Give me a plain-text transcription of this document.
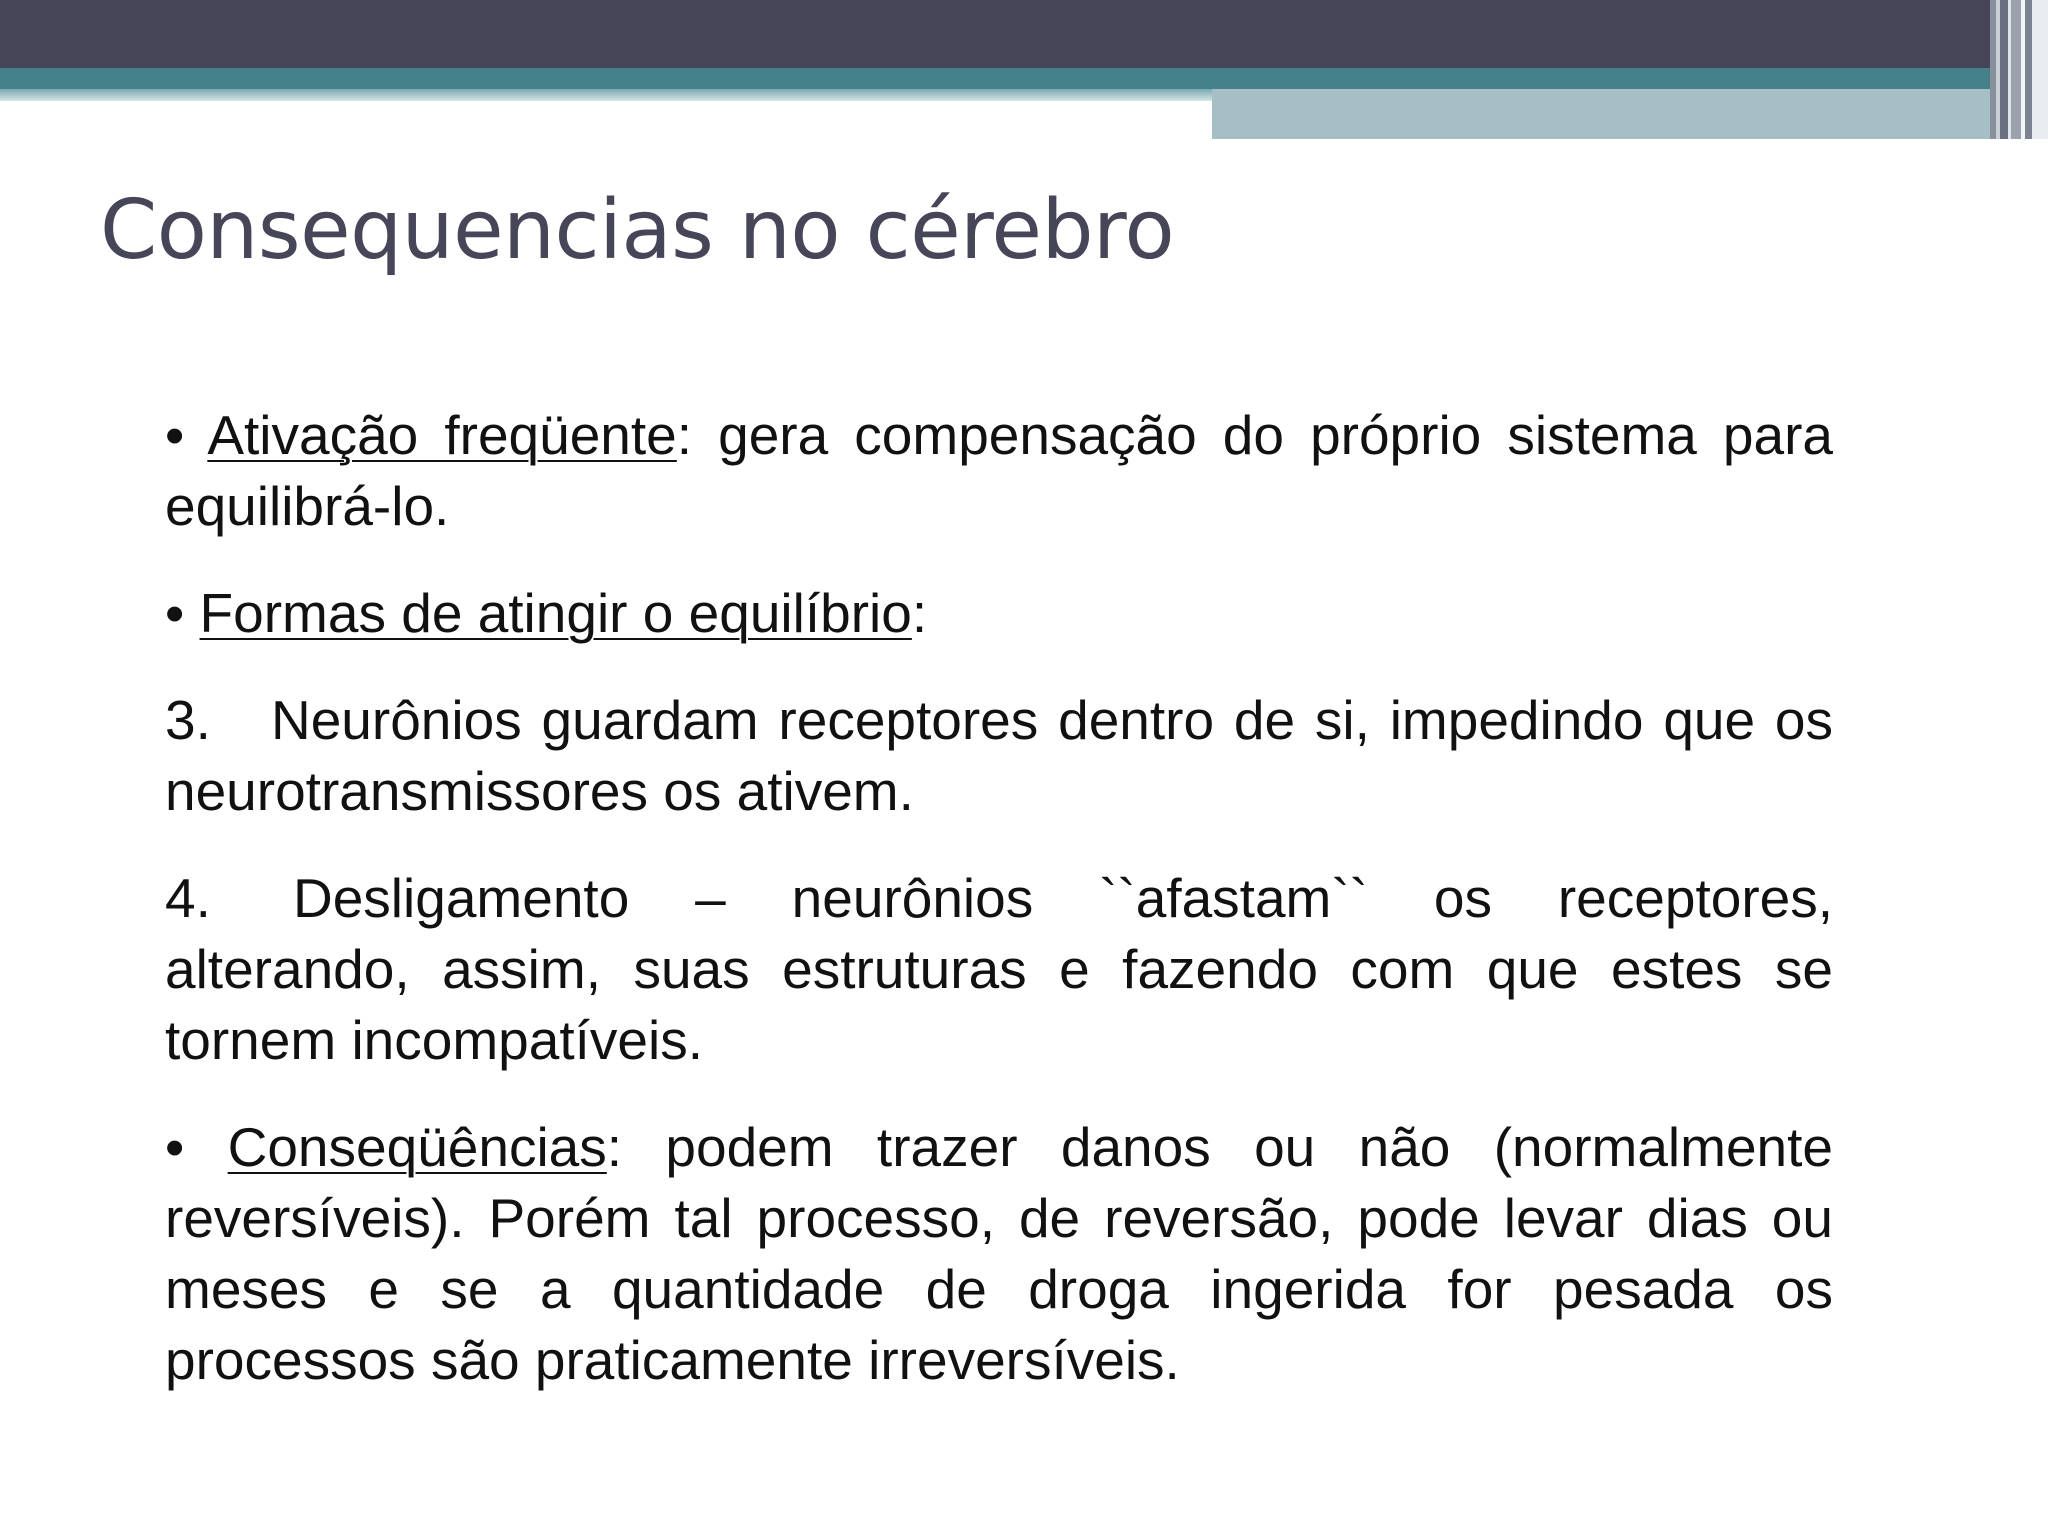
Consequencias no cérebro

• Ativação freqüente: gera compensação do próprio sistema para equilibrá-lo.

• Formas de atingir o equilíbrio:

3. Neurônios guardam receptores dentro de si, impedindo que os neurotransmissores os ativem.

4. Desligamento – neurônios ``afastam`` os receptores, alterando, assim, suas estruturas e fazendo com que estes se tornem incompatíveis.

• Conseqüências: podem trazer danos ou não (normalmente reversíveis). Porém tal processo, de reversão, pode levar dias ou meses e se a quantidade de droga ingerida for pesada os processos são praticamente irreversíveis.
